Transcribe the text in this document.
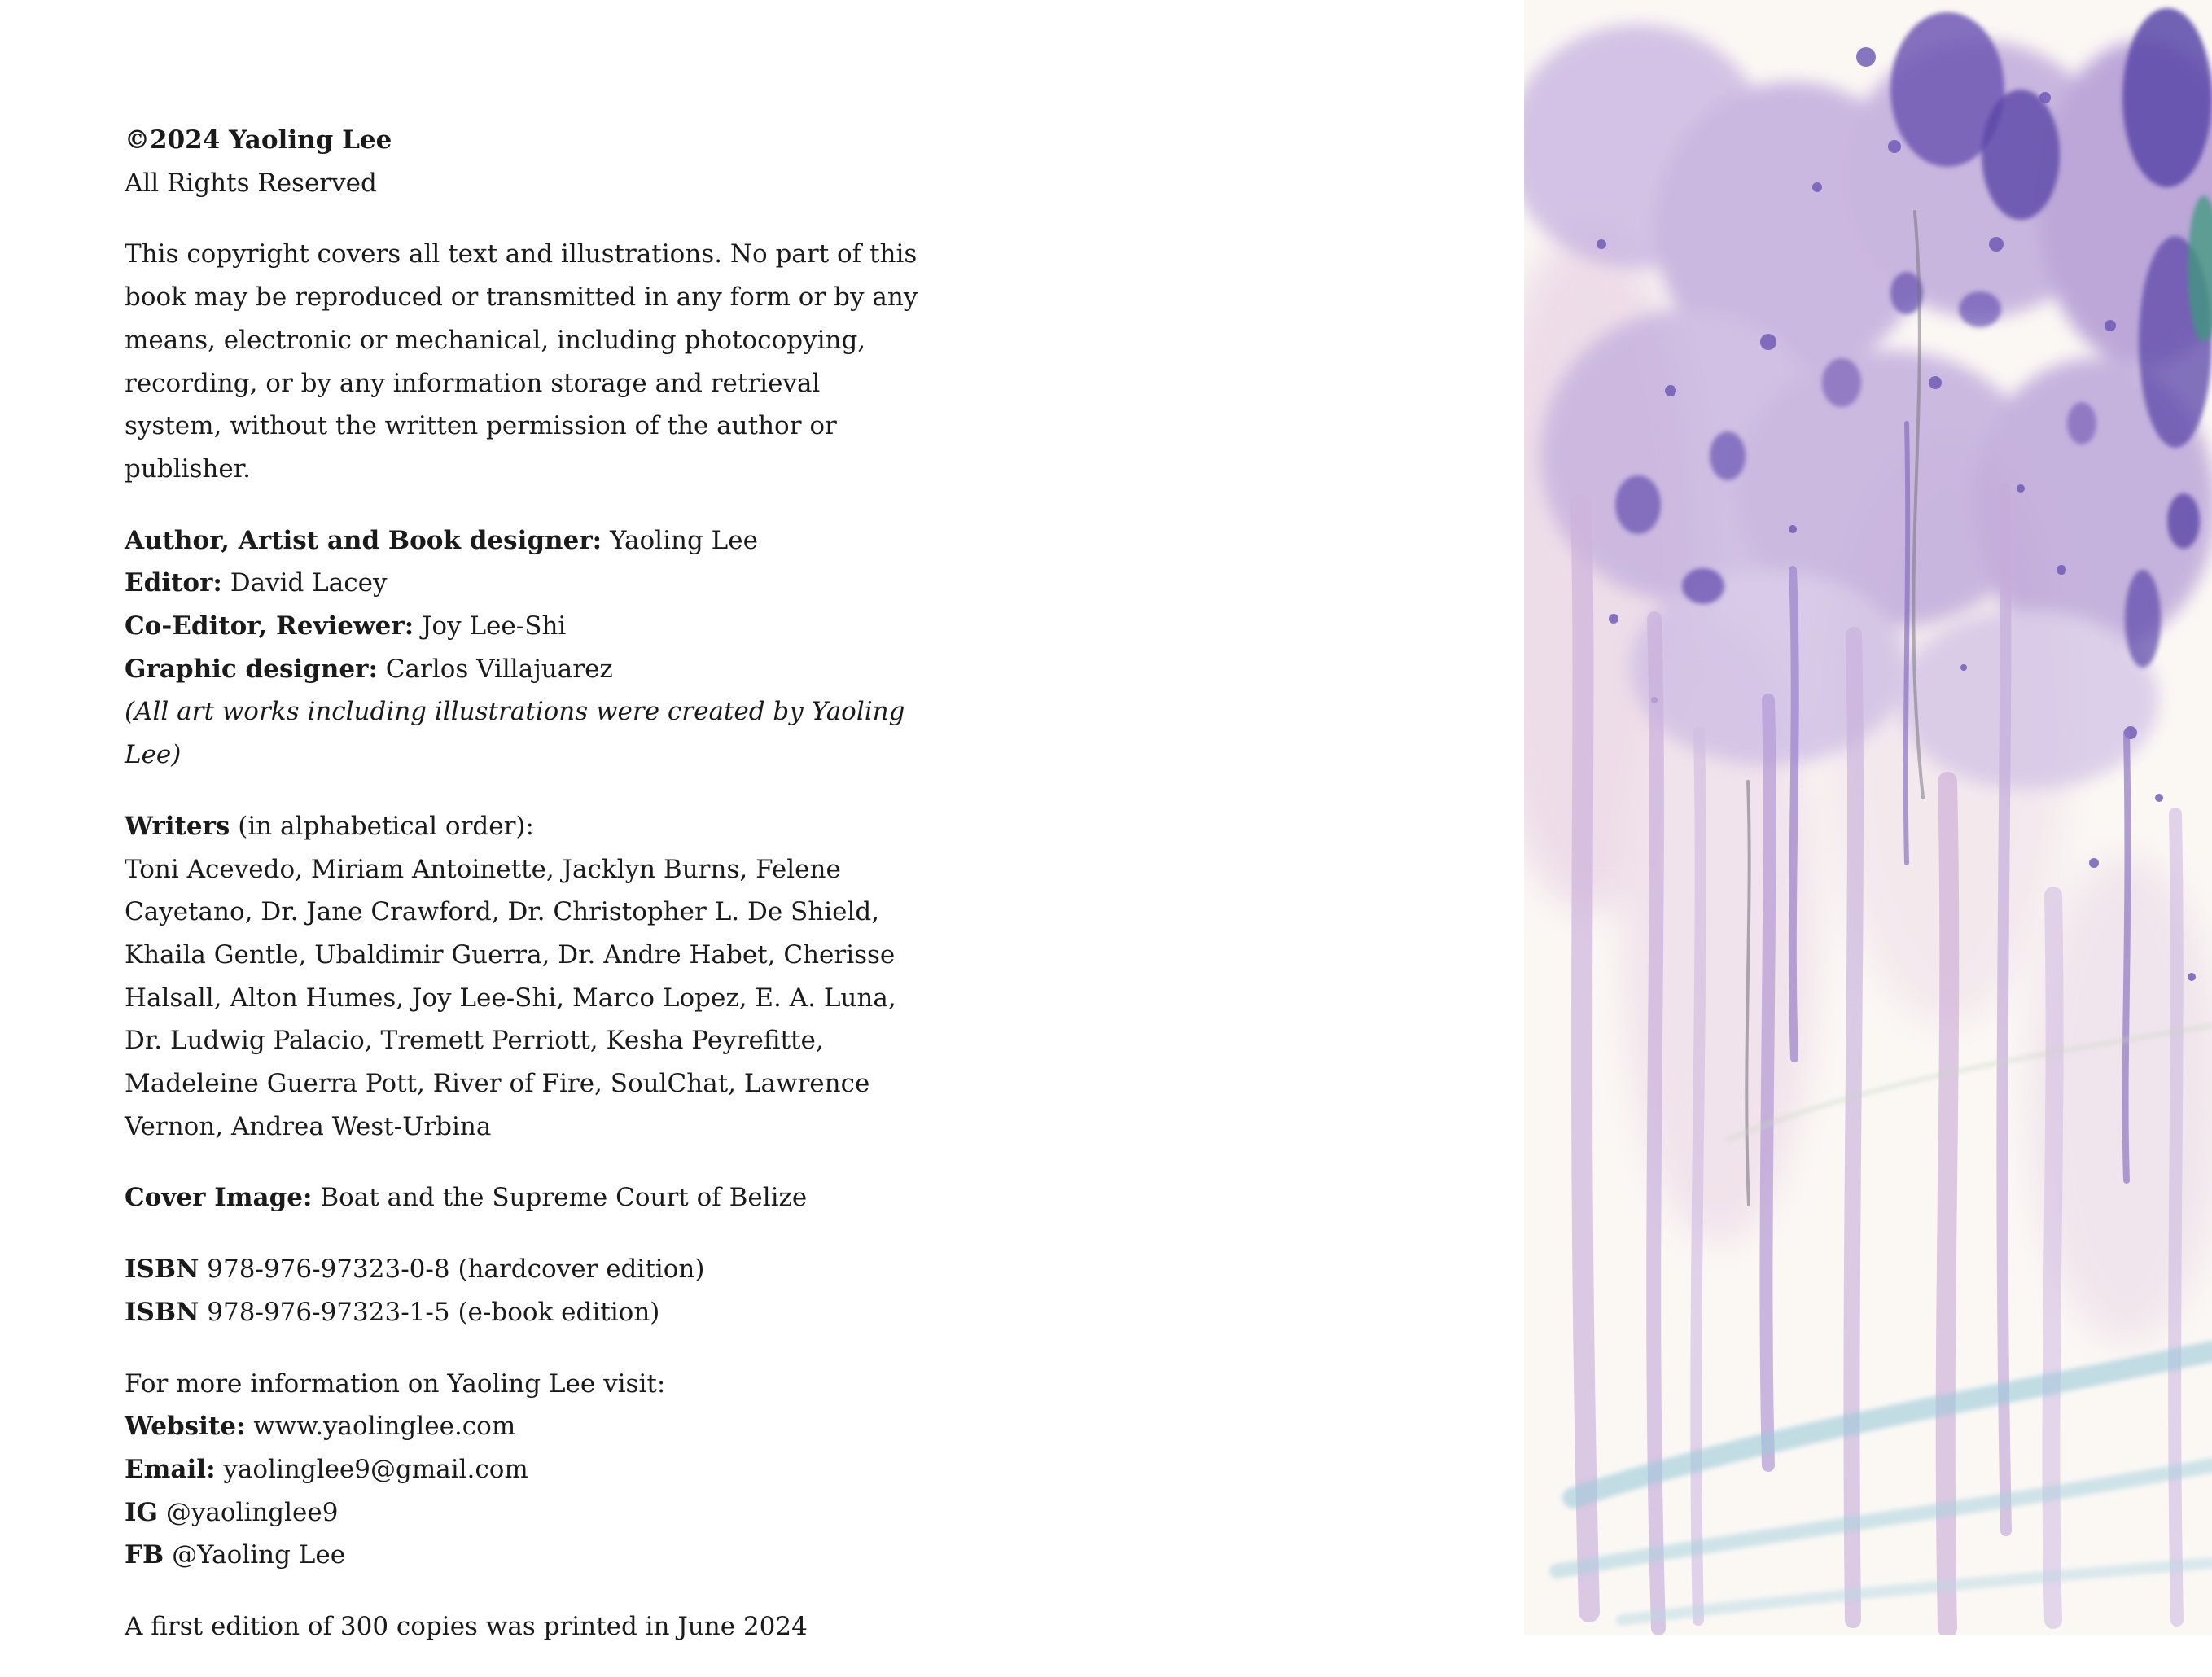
©2024 Yaoling Lee

All Rights Reserved

This copyright covers all text and illustrations. No part of this book may be reproduced or transmitted in any form or by any means, electronic or mechanical, including photocopying, recording, or by any information storage and retrieval system, without the written permission of the author or publisher.

Author, Artist and Book designer: Yaoling Lee

Editor: David Lacey

Co-Editor, Reviewer: Joy Lee-Shi

Graphic designer: Carlos Villajuarez

(All art works including illustrations were created by Yaoling Lee)

Writers (in alphabetical order):

Toni Acevedo, Miriam Antoinette, Jacklyn Burns, Felene Cayetano, Dr. Jane Crawford, Dr. Christopher L. De Shield, Khaila Gentle, Ubaldimir Guerra, Dr. Andre Habet, Cherisse Halsall, Alton Humes, Joy Lee-Shi, Marco Lopez, E. A. Luna, Dr. Ludwig Palacio, Tremett Perriott, Kesha Peyrefitte, Madeleine Guerra Pott, River of Fire, SoulChat, Lawrence Vernon, Andrea West-Urbina

Cover Image: Boat and the Supreme Court of Belize

ISBN 978-976-97323-0-8 (hardcover edition)

ISBN 978-976-97323-1-5 (e-book edition)

For more information on Yaoling Lee visit:

Website: www.yaolinglee.com

Email: yaolinglee9@gmail.com

IG @yaolinglee9

FB @Yaoling Lee

A first edition of 300 copies was printed in June 2024
